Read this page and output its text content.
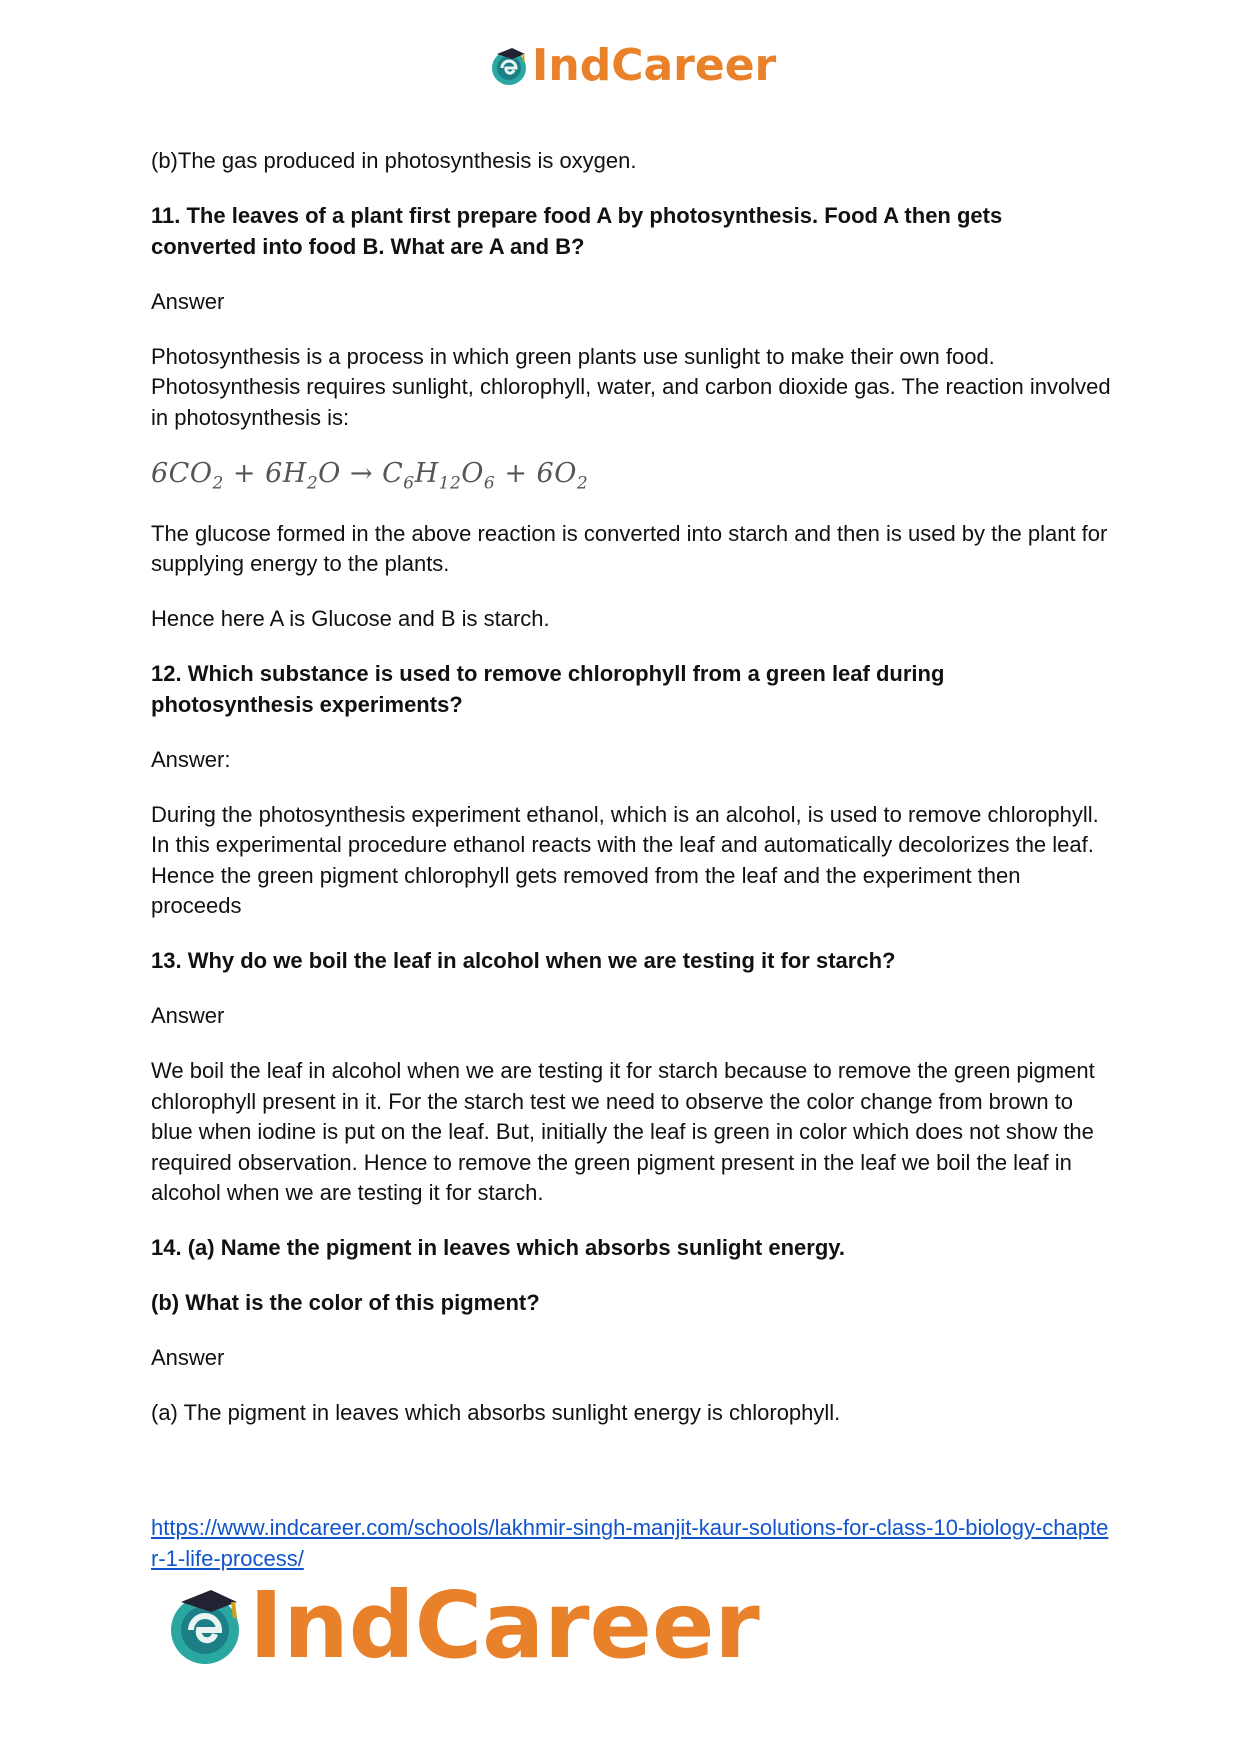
IndCareer

(b)The gas produced in photosynthesis is oxygen.

11. The leaves of a plant first prepare food A by photosynthesis. Food A then gets converted into food B. What are A and B?

Answer

Photosynthesis is a process in which green plants use sunlight to make their own food. Photosynthesis requires sunlight, chlorophyll, water, and carbon dioxide gas. The reaction involved in photosynthesis is:

$6CO_2 + 6H_2O \to C_6H_{12}O_6 + 6O_2$

The glucose formed in the above reaction is converted into starch and then is used by the plant for supplying energy to the plants.

Hence here A is Glucose and B is starch.

12. Which substance is used to remove chlorophyll from a green leaf during photosynthesis experiments?

Answer:

During the photosynthesis experiment ethanol, which is an alcohol, is used to remove chlorophyll. In this experimental procedure ethanol reacts with the leaf and automatically decolorizes the leaf. Hence the green pigment chlorophyll gets removed from the leaf and the experiment then proceeds

13. Why do we boil the leaf in alcohol when we are testing it for starch?

Answer

We boil the leaf in alcohol when we are testing it for starch because to remove the green pigment chlorophyll present in it. For the starch test we need to observe the color change from brown to blue when iodine is put on the leaf. But, initially the leaf is green in color which does not show the required observation. Hence to remove the green pigment present in the leaf we boil the leaf in alcohol when we are testing it for starch.

14. (a) Name the pigment in leaves which absorbs sunlight energy.

(b) What is the color of this pigment?

Answer

(a) The pigment in leaves which absorbs sunlight energy is chlorophyll.

https://www.indcareer.com/schools/lakhmir-singh-manjit-kaur-solutions-for-class-10-biology-chapter-1-life-process/
IndCareer
